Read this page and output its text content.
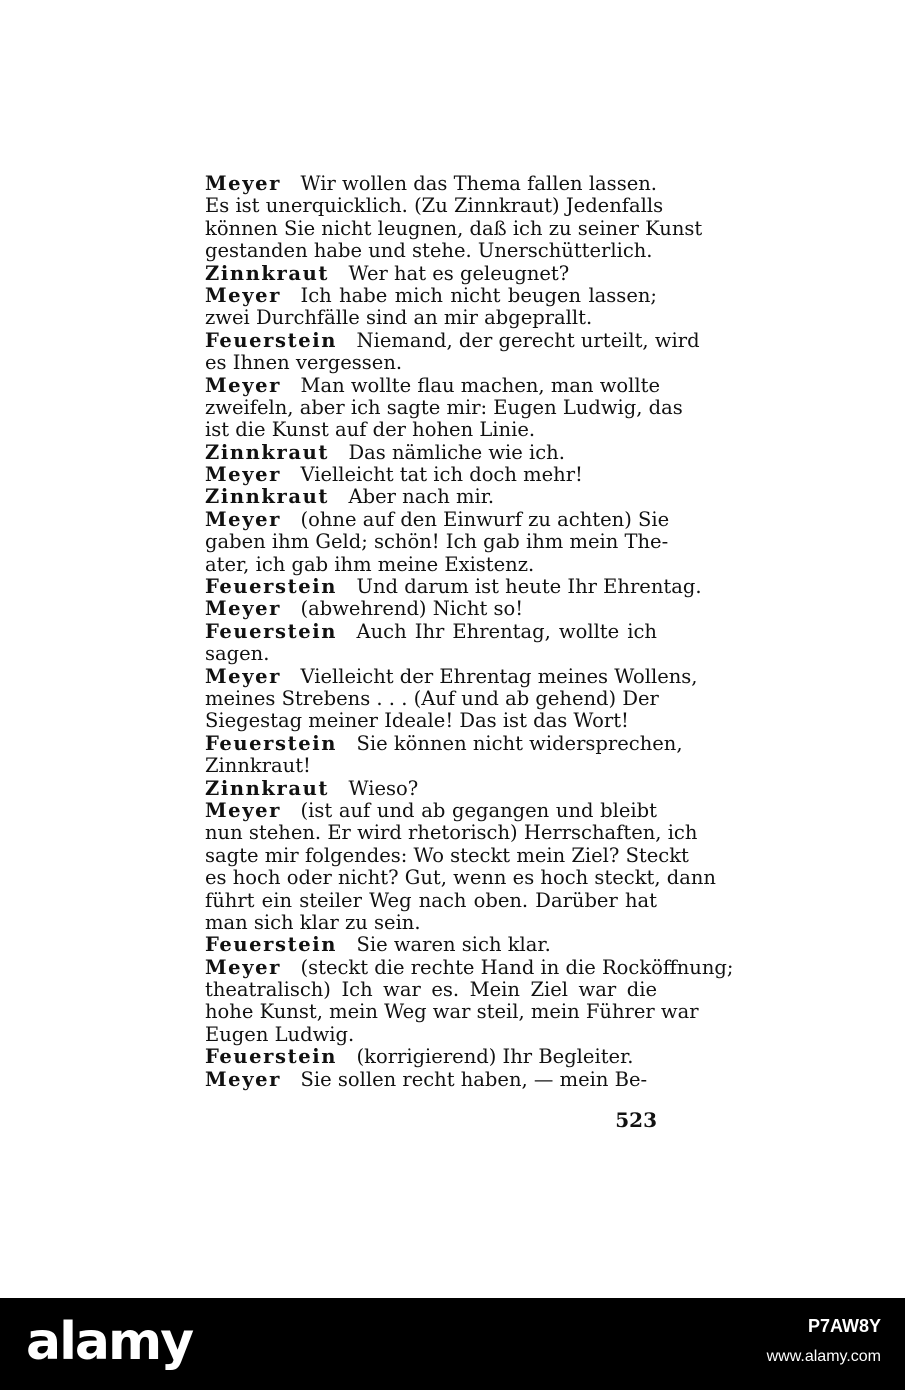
Meyer  Wir wollen das Thema fallen lassen.
Es ist unerquicklich. (Zu Zinnkraut) Jedenfalls
können Sie nicht leugnen, daß ich zu seiner Kunst
gestanden habe und stehe. Unerschütterlich.
Zinnkraut  Wer hat es geleugnet?
Meyer  Ich habe mich nicht beugen lassen;
zwei Durchfälle sind an mir abgeprallt.
Feuerstein  Niemand, der gerecht urteilt, wird
es Ihnen vergessen.
Meyer  Man wollte flau machen, man wollte
zweifeln, aber ich sagte mir: Eugen Ludwig, das
ist die Kunst auf der hohen Linie.
Zinnkraut  Das nämliche wie ich.
Meyer  Vielleicht tat ich doch mehr!
Zinnkraut  Aber nach mir.
Meyer  (ohne auf den Einwurf zu achten) Sie
gaben ihm Geld; schön! Ich gab ihm mein The-
ater, ich gab ihm meine Existenz.
Feuerstein  Und darum ist heute Ihr Ehrentag.
Meyer  (abwehrend) Nicht so!
Feuerstein  Auch Ihr Ehrentag, wollte ich
sagen.
Meyer  Vielleicht der Ehrentag meines Wollens,
meines Strebens . . . (Auf und ab gehend) Der
Siegestag meiner Ideale! Das ist das Wort!
Feuerstein  Sie können nicht widersprechen,
Zinnkraut!
Zinnkraut  Wieso?
Meyer  (ist auf und ab gegangen und bleibt
nun stehen. Er wird rhetorisch) Herrschaften, ich
sagte mir folgendes: Wo steckt mein Ziel? Steckt
es hoch oder nicht? Gut, wenn es hoch steckt, dann
führt ein steiler Weg nach oben. Darüber hat
man sich klar zu sein.
Feuerstein  Sie waren sich klar.
Meyer  (steckt die rechte Hand in die Rocköffnung;
theatralisch) Ich war es. Mein Ziel war die
hohe Kunst, mein Weg war steil, mein Führer war
Eugen Ludwig.
Feuerstein  (korrigierend) Ihr Begleiter.
Meyer  Sie sollen recht haben, — mein Be-
523
alamy	P7AW8Y
www.alamy.com
